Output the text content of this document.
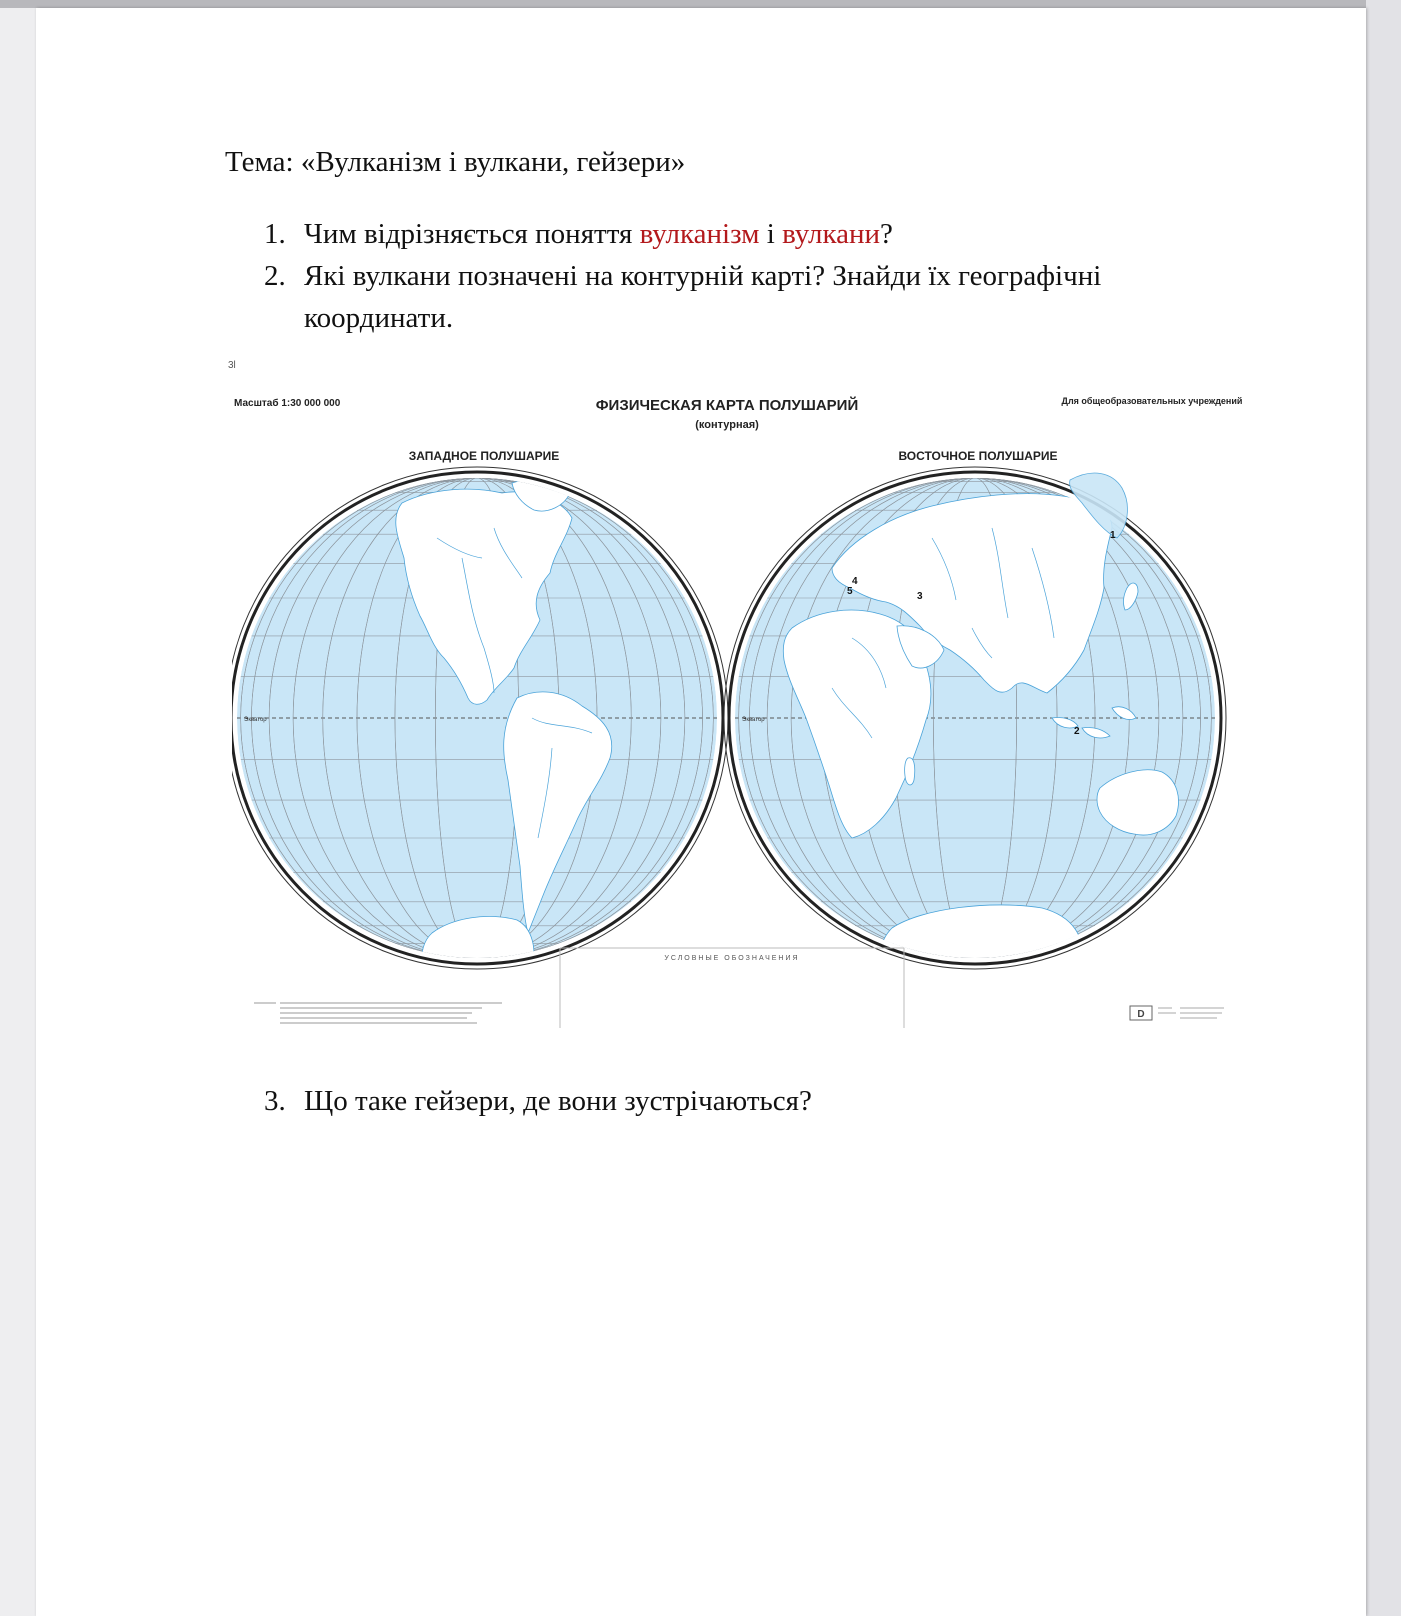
Тема: «Вулканізм і вулкани, гейзери»
1. Чим відрізняється поняття вулканізм і вулкани?
2. Які вулкани позначені на контурній карті? Знайди їх географічні
координати.
3l
Масштаб 1:30 000 000	ФИЗИЧЕСКАЯ КАРТА ПОЛУШАРИЙ
(контурная)
Для общеобразовательных учреждений
ЗАПАДНОЕ ПОЛУШАРИЕ	ВОСТОЧНОЕ ПОЛУШАРИЕ
Экватор	Экватор
1
2
3
4
5
УСЛОВНЫЕ ОБОЗНАЧЕНИЯ
D
3. Що таке гейзери, де вони зустрічаються?
